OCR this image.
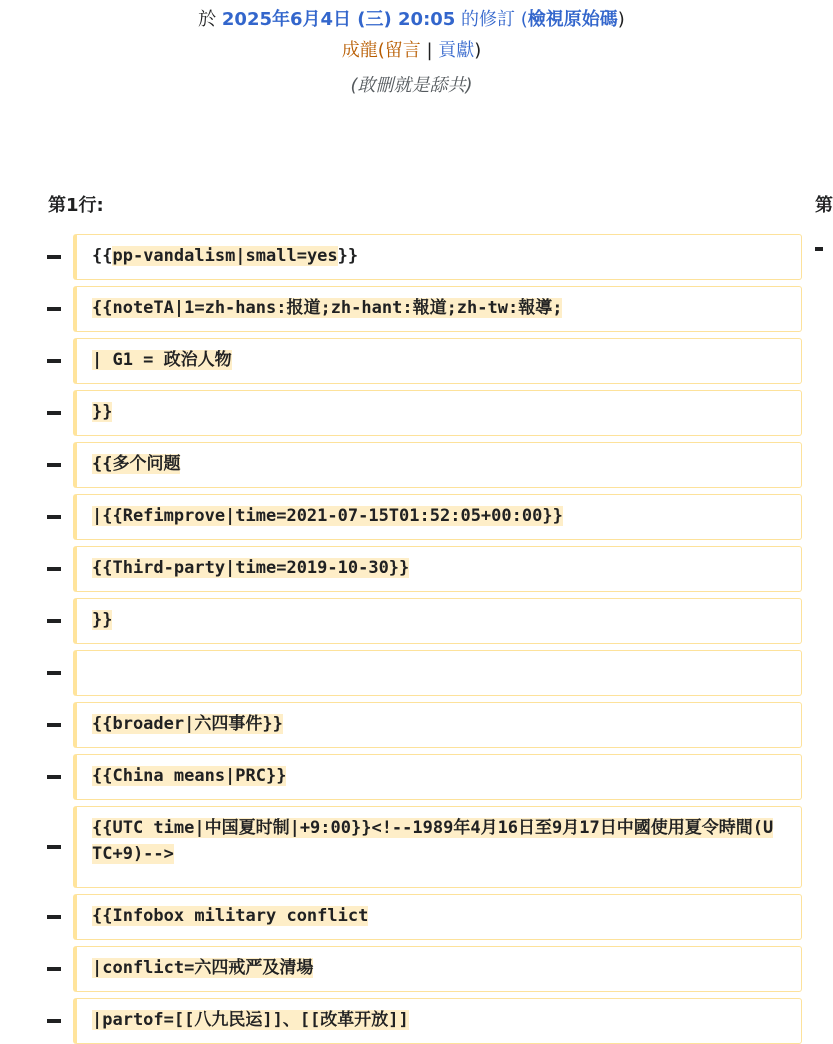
於 2025年6月4日 (三) 20:05 的修訂 (檢視原始碼)
成龍(留言 | 貢獻)
(敢刪就是舔共)
第1行:	第
{{pp-vandalism|small=yes}}
{{noteTA|1=zh-hans:报道;zh-hant:報道;zh-tw:報導;
| G1 = 政治人物
}}
{{多个问题
|{{Refimprove|time=2021-07-15T01:52:05+00:00}}
{{Third-party|time=2019-10-30}}
}}
{{broader|六四事件}}
{{China means|PRC}}
{{UTC time|中国夏时制|+9:00}}<!--1989年4月16日至9月17日中國使用夏令時間(UTC+9)-->
{{Infobox military conflict
|conflict=六四戒严及清場
|partof=[[八九民运]]、[[改革开放]]
